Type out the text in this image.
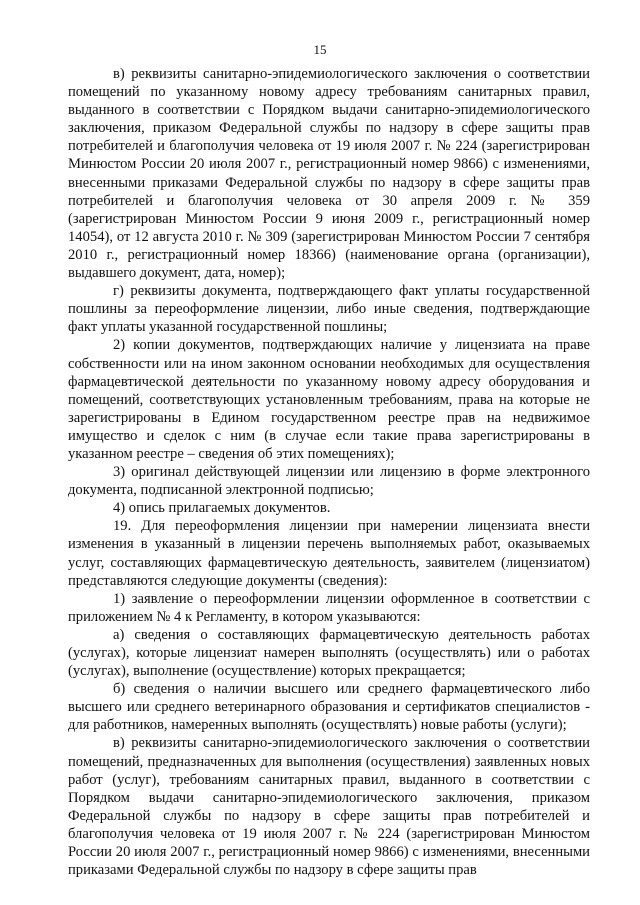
15

в) реквизиты санитарно-эпидемиологического заключения о соответствии помещений по указанному новому адресу требованиям санитарных правил, выданного в соответствии с Порядком выдачи санитарно-эпидемиологического заключения, приказом Федеральной службы по надзору в сфере защиты прав потребителей и благополучия человека от 19 июля 2007 г. № 224 (зарегистрирован Минюстом России 20 июля 2007 г., регистрационный номер 9866) с изменениями, внесенными приказами Федеральной службы по надзору в сфере защиты прав потребителей и благополучия человека от 30 апреля 2009 г. № 359 (зарегистрирован Минюстом России 9 июня 2009 г., регистрационный номер 14054), от 12 августа 2010 г. № 309 (зарегистрирован Минюстом России 7 сентября 2010 г., регистрационный номер 18366) (наименование органа (организации), выдавшего документ, дата, номер);

г) реквизиты документа, подтверждающего факт уплаты государственной пошлины за переоформление лицензии, либо иные сведения, подтверждающие факт уплаты указанной государственной пошлины;

2) копии документов, подтверждающих наличие у лицензиата на праве собственности или на ином законном основании необходимых для осуществления фармацевтической деятельности по указанному новому адресу оборудования и помещений, соответствующих установленным требованиям, права на которые не зарегистрированы в Едином государственном реестре прав на недвижимое имущество и сделок с ним (в случае если такие права зарегистрированы в указанном реестре – сведения об этих помещениях);

3) оригинал действующей лицензии или лицензию в форме электронного документа, подписанной электронной подписью;

4) опись прилагаемых документов.

19. Для переоформления лицензии при намерении лицензиата внести изменения в указанный в лицензии перечень выполняемых работ, оказываемых услуг, составляющих фармацевтическую деятельность, заявителем (лицензиатом) представляются следующие документы (сведения):

1) заявление о переоформлении лицензии оформленное в соответствии с приложением № 4 к Регламенту, в котором указываются:

а) сведения о составляющих фармацевтическую деятельность работах (услугах), которые лицензиат намерен выполнять (осуществлять) или о работах (услугах), выполнение (осуществление) которых прекращается;

б) сведения о наличии высшего или среднего фармацевтического либо высшего или среднего ветеринарного образования и сертификатов специалистов - для работников, намеренных выполнять (осуществлять) новые работы (услуги);

в) реквизиты санитарно-эпидемиологического заключения о соответствии помещений, предназначенных для выполнения (осуществления) заявленных новых работ (услуг), требованиям санитарных правил, выданного в соответствии с Порядком выдачи санитарно-эпидемиологического заключения, приказом Федеральной службы по надзору в сфере защиты прав потребителей и благополучия человека от 19 июля 2007 г. № 224 (зарегистрирован Минюстом России 20 июля 2007 г., регистрационный номер 9866) с изменениями, внесенными приказами Федеральной службы по надзору в сфере защиты прав
